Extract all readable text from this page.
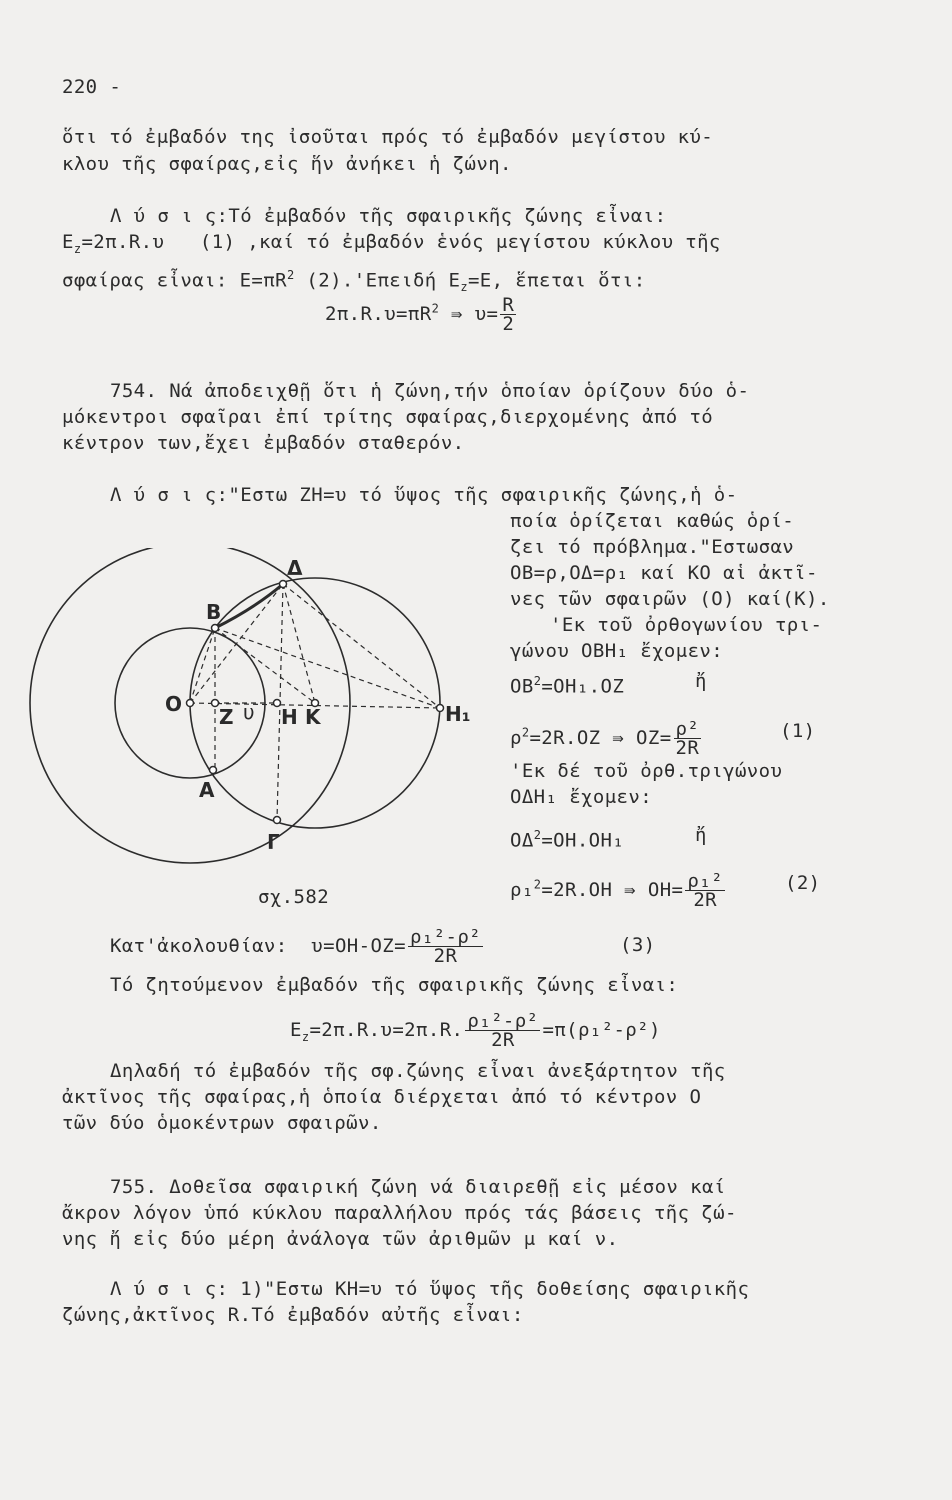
220 -
ὅτι τό ἐμβαδόν της ἰσοῦται πρός τό ἐμβαδόν μεγίστου κύ-
κλου τῆς σφαίρας,εἰς ἥν ἀνήκει ἡ ζώνη.
Λ ύ σ ι ς:Τό ἐμβαδόν τῆς σφαιρικῆς ζώνης εἶναι:
$E_z=2\pi.R.\upsilon$   (1) ,καί τό ἐμβαδόν ἑνός μεγίστου κύκλου τῆς
σφαίρας εἶναι: $E=\pi R^2$ (2).'Επειδή $E_z=E$, ἕπεται ὅτι:
$2\pi.R.\upsilon=\pi R^2$ ⇛ $\upsilon= \frac{R}{2}$
754. Νά ἀποδειχθῇ ὅτι ἡ ζώνη,τήν ὁποίαν ὁρίζουν δύο ὁ-
μόκεντροι σφαῖραι ἐπί τρίτης σφαίρας,διερχομένης ἀπό τό
κέντρον των,ἔχει ἐμβαδόν σταθερόν.
Λ ύ σ ι ς:"Εστω ZH=υ τό ὕψος τῆς σφαιρικῆς ζώνης,ἡ ὁ-
ποία ὁρίζεται καθώς ὁρί-
ζει τό πρόβλημα."Εστωσαν
OB=ρ,OΔ=ρ₁ καί KO αἱ ἀκτῖ-
νες τῶν σφαιρῶν (O) καί(K).
'Εκ τοῦ ὀρθογωνίου τρι-
γώνου OBH₁ ἔχομεν:
$OB^2=OH_1.OZ$	ἤ
$\rho^2=2R.OZ$ ⇛ $OZ= \frac{\text{ρ²}}{2R}$	(1)
'Εκ δέ τοῦ ὀρθ.τριγώνου
OΔH₁ ἔχομεν:
$O\Delta^2=OH.OH_1$	ἤ
ρ₁$^2$=2R.OH ⇛ $OH= \frac{\text{ρ₁²}}{2R}$	(2)
Δ
B
O
Z υ H K	H₁
A
Γ
σχ.582
Κατ'ἀκολουθίαν:  $\upsilon=OH-OZ= \frac{\text{ρ₁²-ρ²}}{2R}$	(3)
Τό ζητούμενον ἐμβαδόν τῆς σφαιρικῆς ζώνης εἶναι:
$E_z=2\pi.R.\upsilon=2\pi.R$. $\frac{\text{ρ₁²-ρ²}}{2R} =\pi(\rho_1^2-\rho^2)$
Δηλαδή τό ἐμβαδόν τῆς σφ.ζώνης εἶναι ἀνεξάρτητον τῆς
ἀκτῖνος τῆς σφαίρας,ἡ ὁποία διέρχεται ἀπό τό κέντρον O
τῶν δύο ὁμοκέντρων σφαιρῶν.
755. Δοθεῖσα σφαιρική ζώνη νά διαιρεθῇ εἰς μέσον καί
ἄκρον λόγον ὑπό κύκλου παραλλήλου πρός τάς βάσεις τῆς ζώ-
νης ἤ εἰς δύο μέρη ἀνάλογα τῶν ἀριθμῶν μ καί ν.
Λ ύ σ ι ς: 1)"Εστω KH=υ τό ὕψος τῆς δοθείσης σφαιρικῆς
ζώνης,ἀκτῖνος R.Τό ἐμβαδόν αὐτῆς εἶναι:
